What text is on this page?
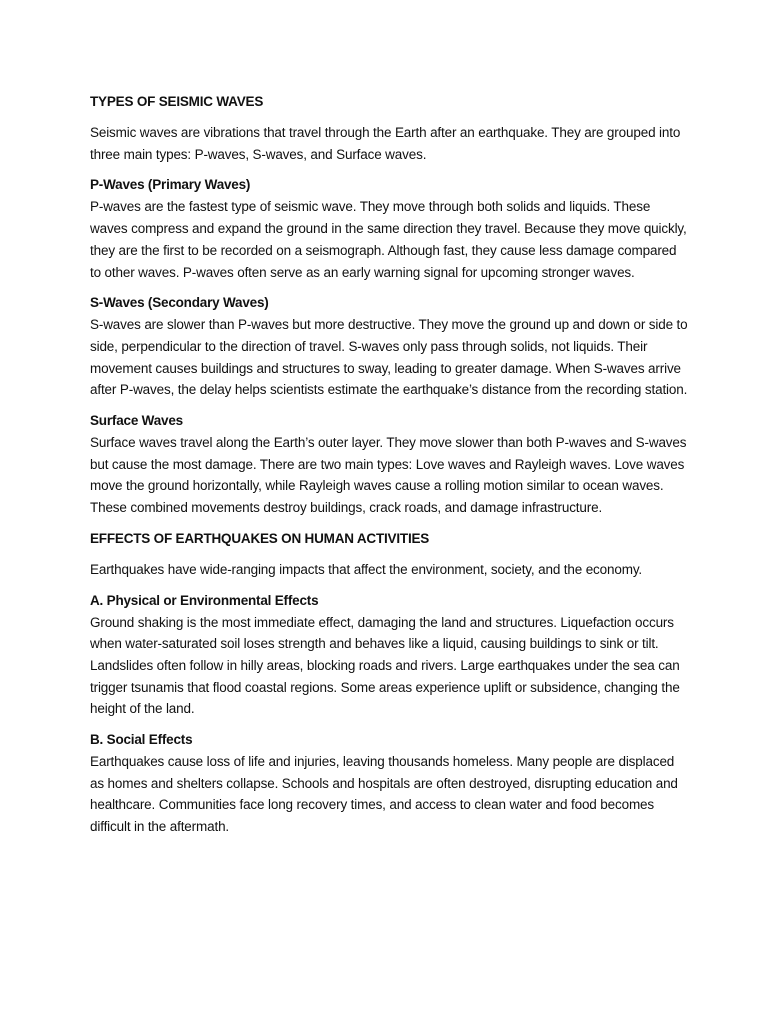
TYPES OF SEISMIC WAVES

Seismic waves are vibrations that travel through the Earth after an earthquake. They are grouped into three main types: P-waves, S-waves, and Surface waves.

P-Waves (Primary Waves)

P-waves are the fastest type of seismic wave. They move through both solids and liquids. These waves compress and expand the ground in the same direction they travel. Because they move quickly, they are the first to be recorded on a seismograph. Although fast, they cause less damage compared to other waves. P-waves often serve as an early warning signal for upcoming stronger waves.

S-Waves (Secondary Waves)

S-waves are slower than P-waves but more destructive. They move the ground up and down or side to side, perpendicular to the direction of travel. S-waves only pass through solids, not liquids. Their movement causes buildings and structures to sway, leading to greater damage. When S-waves arrive after P-waves, the delay helps scientists estimate the earthquake’s distance from the recording station.

Surface Waves

Surface waves travel along the Earth’s outer layer. They move slower than both P-waves and S-waves but cause the most damage. There are two main types: Love waves and Rayleigh waves. Love waves move the ground horizontally, while Rayleigh waves cause a rolling motion similar to ocean waves. These combined movements destroy buildings, crack roads, and damage infrastructure.

EFFECTS OF EARTHQUAKES ON HUMAN ACTIVITIES

Earthquakes have wide-ranging impacts that affect the environment, society, and the economy.

A. Physical or Environmental Effects

Ground shaking is the most immediate effect, damaging the land and structures. Liquefaction occurs when water-saturated soil loses strength and behaves like a liquid, causing buildings to sink or tilt. Landslides often follow in hilly areas, blocking roads and rivers. Large earthquakes under the sea can trigger tsunamis that flood coastal regions. Some areas experience uplift or subsidence, changing the height of the land.

B. Social Effects

Earthquakes cause loss of life and injuries, leaving thousands homeless. Many people are displaced as homes and shelters collapse. Schools and hospitals are often destroyed, disrupting education and healthcare. Communities face long recovery times, and access to clean water and food becomes difficult in the aftermath.
